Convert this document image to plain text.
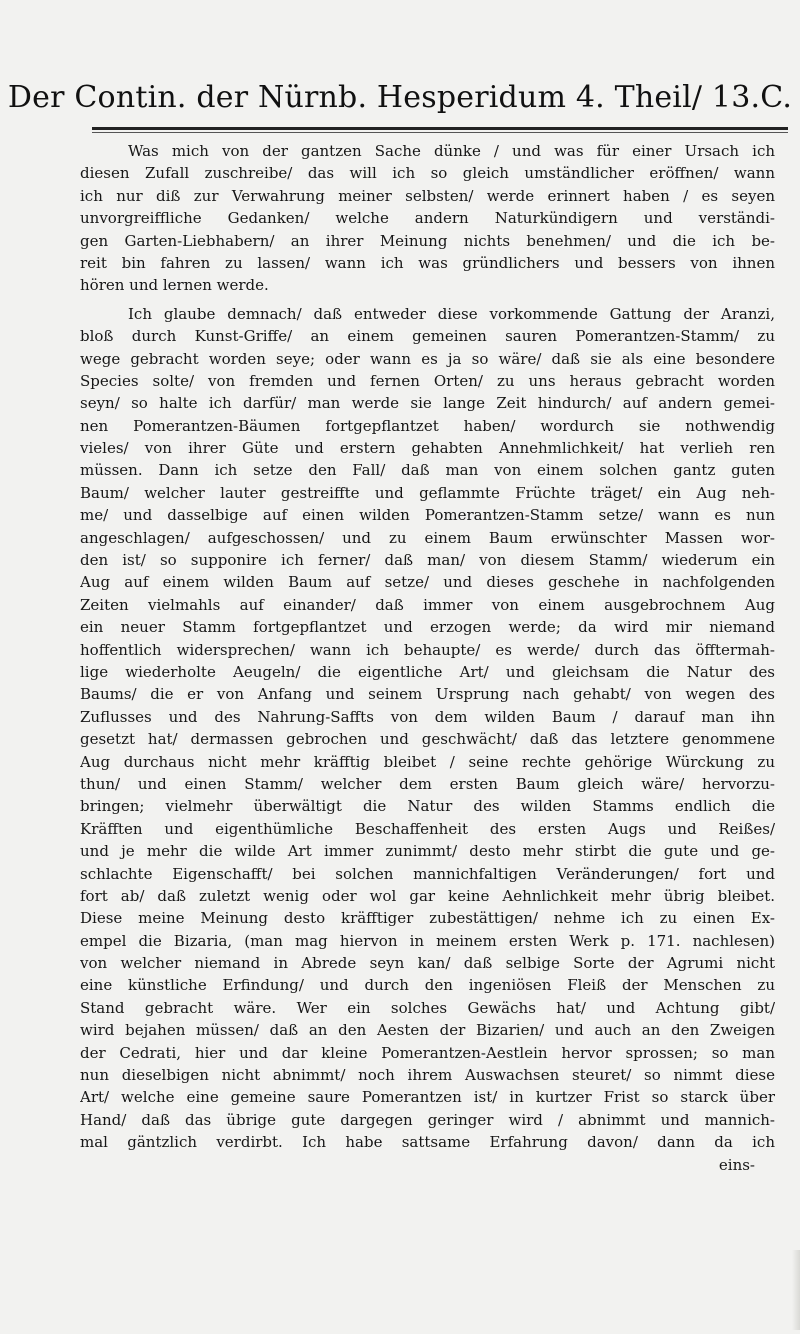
Der Contin. der Nürnb. Hesperidum 4. Theil/ 13.C.
Was mich von der gantzen Sache dünke / und was für einer Ursach ich
diesen Zufall zuschreibe/ das will ich so gleich umständlicher eröffnen/ wann
ich nur diß zur Verwahrung meiner selbsten/ werde erinnert haben / es seyen
unvorgreiffliche Gedanken/ welche andern Naturkündigern und verständi-
gen Garten-Liebhabern/ an ihrer Meinung nichts benehmen/ und die ich be-
reit bin fahren zu lassen/ wann ich was gründlichers und bessers von ihnen
hören und lernen werde.
Ich glaube demnach/ daß entweder diese vorkommende Gattung der Aranzi,
bloß durch Kunst-Griffe/ an einem gemeinen sauren Pomerantzen-Stamm/ zu
wege gebracht worden seye; oder wann es ja so wäre/ daß sie als eine besondere
Species solte/ von fremden und fernen Orten/ zu uns heraus gebracht worden
seyn/ so halte ich darfür/ man werde sie lange Zeit hindurch/ auf andern gemei-
nen Pomerantzen-Bäumen fortgepflantzet haben/ wordurch sie nothwendig
vieles/ von ihrer Güte und erstern gehabten Annehmlichkeit/ hat verlieh ren
müssen. Dann ich setze den Fall/ daß man von einem solchen gantz guten
Baum/ welcher lauter gestreiffte und geflammte Früchte träget/ ein Aug neh-
me/ und dasselbige auf einen wilden Pomerantzen-Stamm setze/ wann es nun
angeschlagen/ aufgeschossen/ und zu einem Baum erwünschter Massen wor-
den ist/ so supponire ich ferner/ daß man/ von diesem Stamm/ wiederum ein
Aug auf einem wilden Baum auf setze/ und dieses geschehe in nachfolgenden
Zeiten vielmahls auf einander/ daß immer von einem ausgebrochnem Aug
ein neuer Stamm fortgepflantzet und erzogen werde; da wird mir niemand
hoffentlich widersprechen/ wann ich behaupte/ es werde/ durch das öfftermah-
lige wiederholte Aeugeln/ die eigentliche Art/ und gleichsam die Natur des
Baums/ die er von Anfang und seinem Ursprung nach gehabt/ von wegen des
Zuflusses und des Nahrung-Saffts von dem wilden Baum / darauf man ihn
gesetzt hat/ dermassen gebrochen und geschwächt/ daß das letztere genommene
Aug durchaus nicht mehr kräfftig bleibet / seine rechte gehörige Würckung zu
thun/ und einen Stamm/ welcher dem ersten Baum gleich wäre/ hervorzu-
bringen; vielmehr überwältigt die Natur des wilden Stamms endlich die
Kräfften und eigenthümliche Beschaffenheit des ersten Augs und Reißes/
und je mehr die wilde Art immer zunimmt/ desto mehr stirbt die gute und ge-
schlachte Eigenschafft/ bei solchen mannichfaltigen Veränderungen/ fort und
fort ab/ daß zuletzt wenig oder wol gar keine Aehnlichkeit mehr übrig bleibet.
Diese meine Meinung desto kräfftiger zubestättigen/ nehme ich zu einen Ex-
empel die Bizaria, (man mag hiervon in meinem ersten Werk p. 171. nachlesen)
von welcher niemand in Abrede seyn kan/ daß selbige Sorte der Agrumi nicht
eine künstliche Erfindung/ und durch den ingeniösen Fleiß der Menschen zu
Stand gebracht wäre. Wer ein solches Gewächs hat/ und Achtung gibt/
wird bejahen müssen/ daß an den Aesten der Bizarien/ und auch an den Zweigen
der Cedrati, hier und dar kleine Pomerantzen-Aestlein hervor sprossen; so man
nun dieselbigen nicht abnimmt/ noch ihrem Auswachsen steuret/ so nimmt diese
Art/ welche eine gemeine saure Pomerantzen ist/ in kurtzer Frist so starck über
Hand/ daß das übrige gute dargegen geringer wird / abnimmt und mannich-
mal gäntzlich verdirbt. Ich habe sattsame Erfahrung davon/ dann da ich
eins-
